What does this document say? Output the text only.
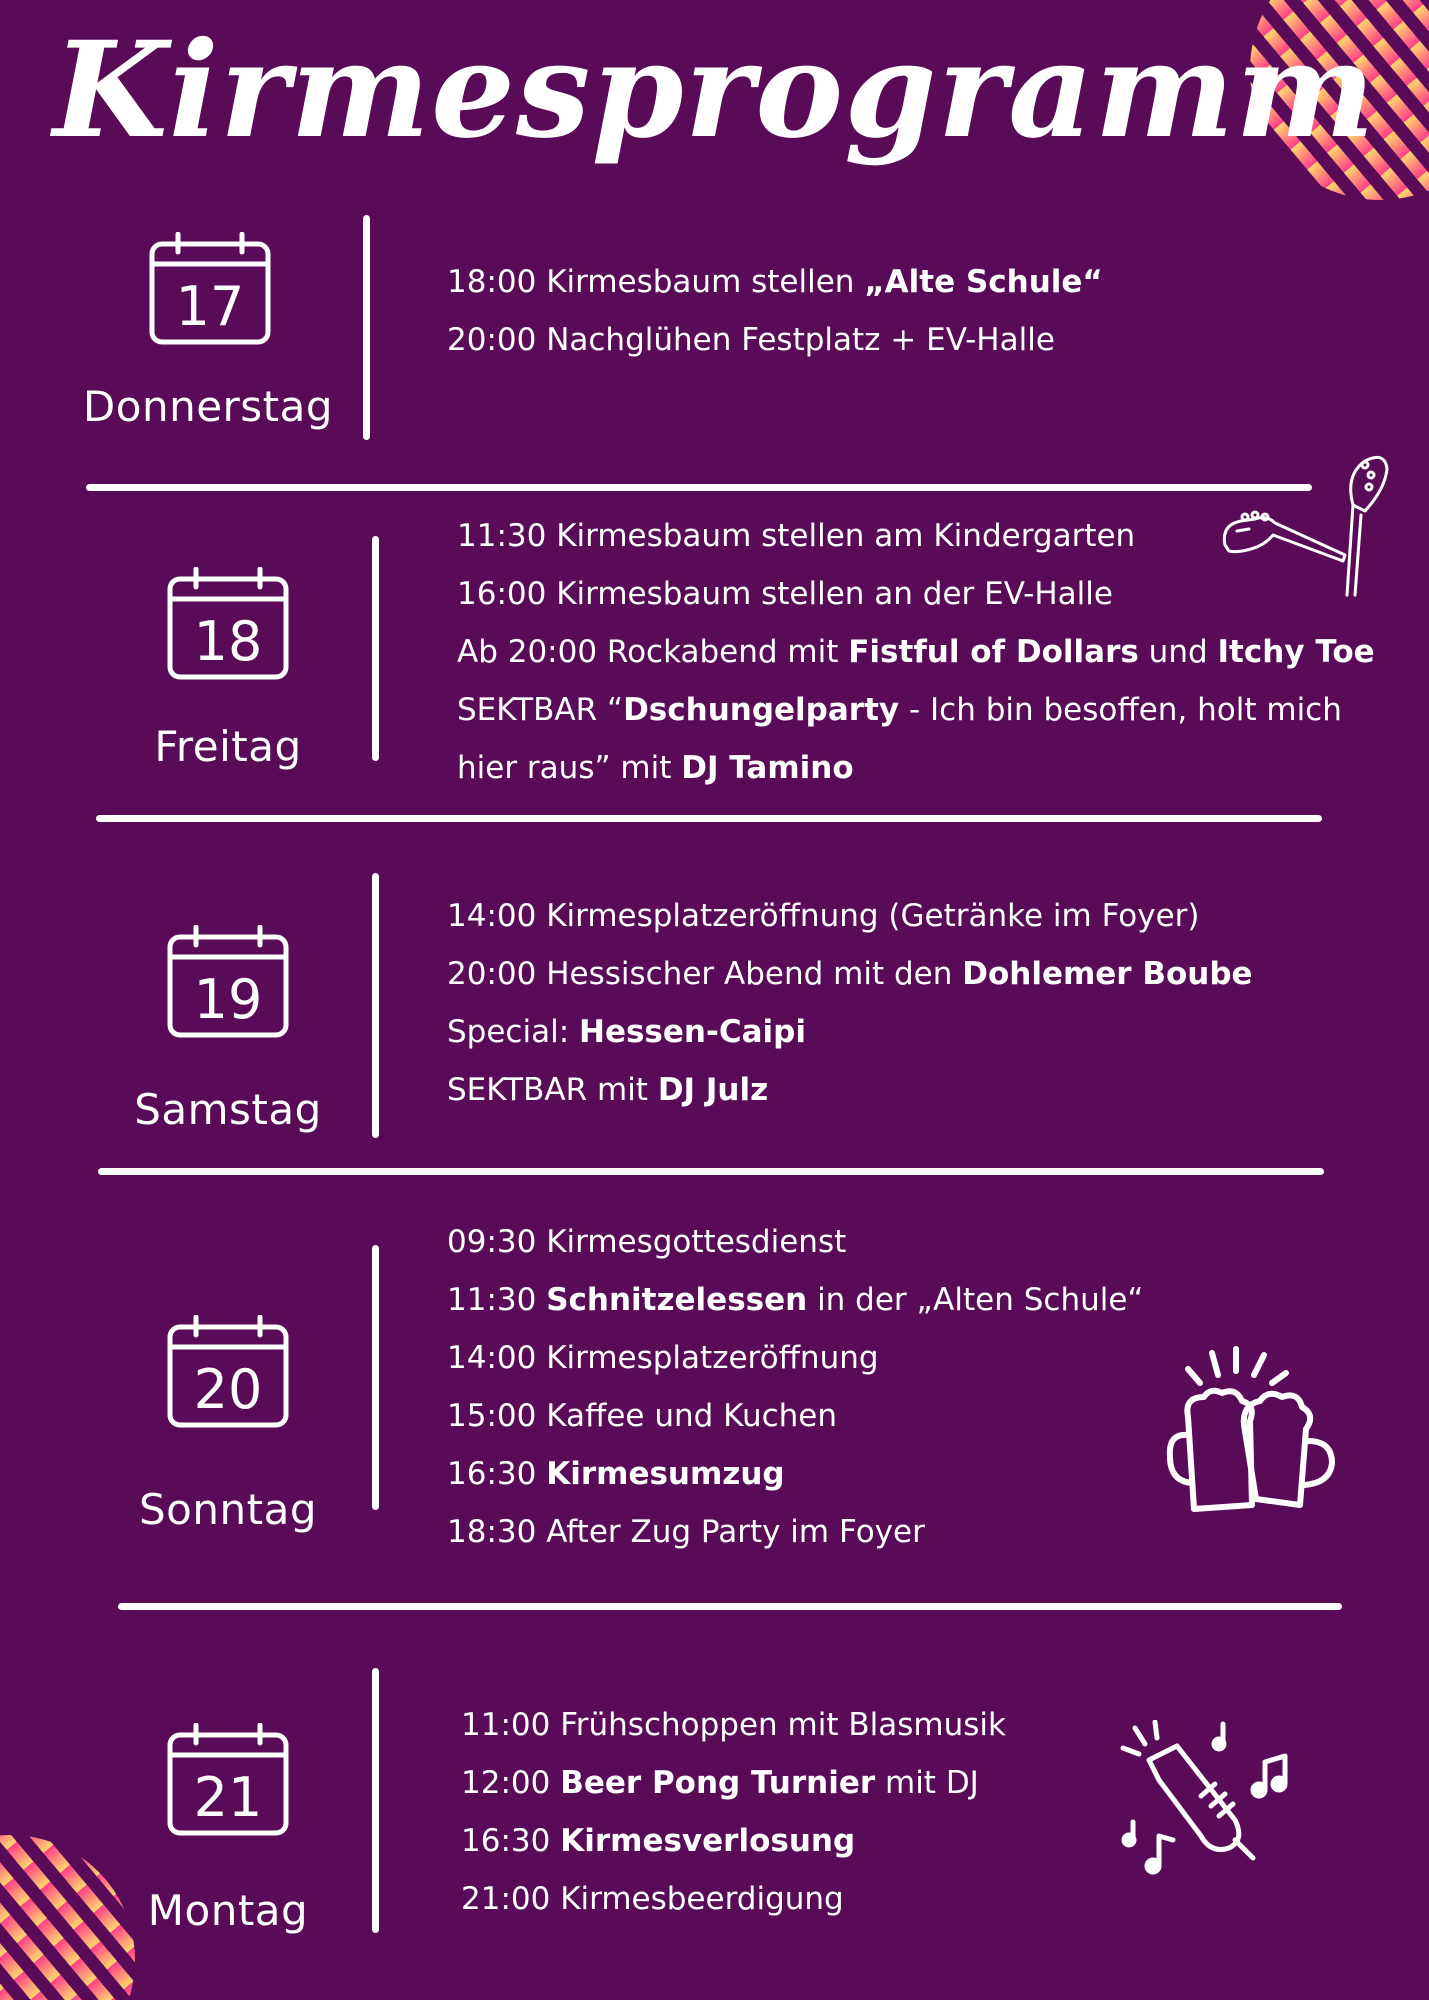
Kirmesprogramm
17
Donnerstag
18:00 Kirmesbaum stellen „Alte Schule“
20:00 Nachglühen Festplatz + EV-Halle
18
Freitag
11:30 Kirmesbaum stellen am Kindergarten
16:00 Kirmesbaum stellen an der EV-Halle
Ab 20:00 Rockabend mit Fistful of Dollars und Itchy Toe
SEKTBAR “Dschungelparty - Ich bin besoffen, holt mich
hier raus” mit DJ Tamino
19
Samstag
14:00 Kirmesplatzeröffnung (Getränke im Foyer)
20:00 Hessischer Abend mit den Dohlemer Boube
Special: Hessen-Caipi
SEKTBAR mit DJ Julz
20
Sonntag
09:30 Kirmesgottesdienst
11:30 Schnitzelessen in der „Alten Schule“
14:00 Kirmesplatzeröffnung
15:00 Kaffee und Kuchen
16:30 Kirmesumzug
18:30 After Zug Party im Foyer
21
Montag
11:00 Frühschoppen mit Blasmusik
12:00 Beer Pong Turnier mit DJ
16:30 Kirmesverlosung
21:00 Kirmesbeerdigung
